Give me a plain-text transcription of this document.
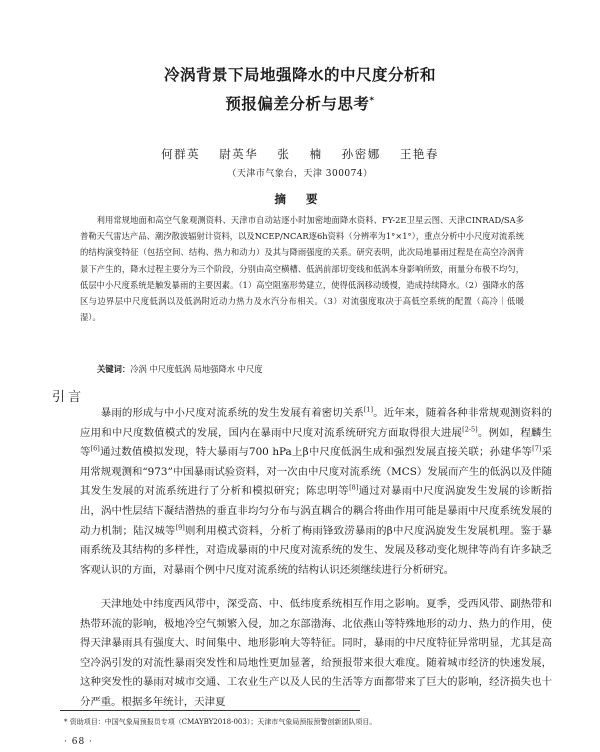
冷涡背景下局地强降水的中尺度分析和
预报偏差分析与思考*
何群英 尉英华 张 楠 孙密娜 王艳春
（天津市气象台，天津 300074）
摘 要

利用常规地面和高空气象观测资料、天津市自动站逐小时加密地面降水资料、FY-2E卫星云图、天津CINRAD/SA多普勒天气雷达产品、潮汐散波辐射计资料，以及NCEP/NCAR逐6h资料（分辨率为1°×1°），重点分析中小尺度对流系统的结构演变特征（包括空间、结构、热力和动力）及其与降雨强度的关系。研究表明，此次局地暴雨过程是在高空冷涡背景下产生的，降水过程主要分为三个阶段，分别由高空横槽、低涡前部切变线和低涡本身影响所致，雨量分布极不均匀，低层中小尺度系统是触发暴雨的主要因素。（1）高空阻塞形势建立，使得低涡移动缓慢，造成持续降水。（2）强降水的落区与边界层中尺度低涡以及低涡附近动力热力及水汽分布相关。（3）对流强度取决于高低空系统的配置（高冷｜低暖湿）。

关键词：冷涡 中尺度低涡 局地强降水 中尺度
引言

暴雨的形成与中小尺度对流系统的发生发展有着密切关系[1]。近年来，随着各种非常规观测资料的应用和中尺度数值模式的发展，国内在暴雨中尺度对流系统研究方面取得很大进展[2-5]。例如，程麟生等[6]通过数值模拟发现，特大暴雨与700 hPa上β中尺度低涡生成和强烈发展直接关联；孙建华等[7]采用常规观测和“973”中国暴雨试验资料，对一次由中尺度对流系统（MCS）发展而产生的低涡以及伴随其发生发展的对流系统进行了分析和模拟研究；陈忠明等[8]通过对暴雨中尺度涡旋发生发展的诊断指出，涡中性层结下凝结潜热的垂直非均匀分布与涡直耦合的耦合将曲作用可能是暴雨中尺度系统发展的动力机制；陆汉城等[9]则利用模式资料，分析了梅雨锋致涝暴雨的β中尺度涡旋发生发展机理。鉴于暴雨系统及其结构的多样性，对造成暴雨的中尺度对流系统的发生、发展及移动变化规律等尚有许多缺乏客观认识的方面，对暴雨个例中尺度对流系统的结构认识还须继续进行分析研究。

天津地处中纬度西风带中，深受高、中、低纬度系统相互作用之影响。夏季，受西风带、副热带和热带环流的影响，极地冷空气频繁入侵，加之东部渤海、北依燕山等特殊地形的动力、热力的作用，使得天津暴雨具有强度大、时间集中、地形影响大等特征。同时，暴雨的中尺度特征异常明显，尤其是高空冷涡引发的对流性暴雨突发性和局地性更加显著，给预报带来很大难度。随着城市经济的快速发展，这种突发性的暴雨对城市交通、工农业生产以及人民的生活等方面都带来了巨大的影响，经济损失也十分严重。根据多年统计，天津夏

* 资助项目：中国气象局预报员专项（CMAYBY2018-003）；天津市气象局预报预警创新团队项目。
· 68 ·
